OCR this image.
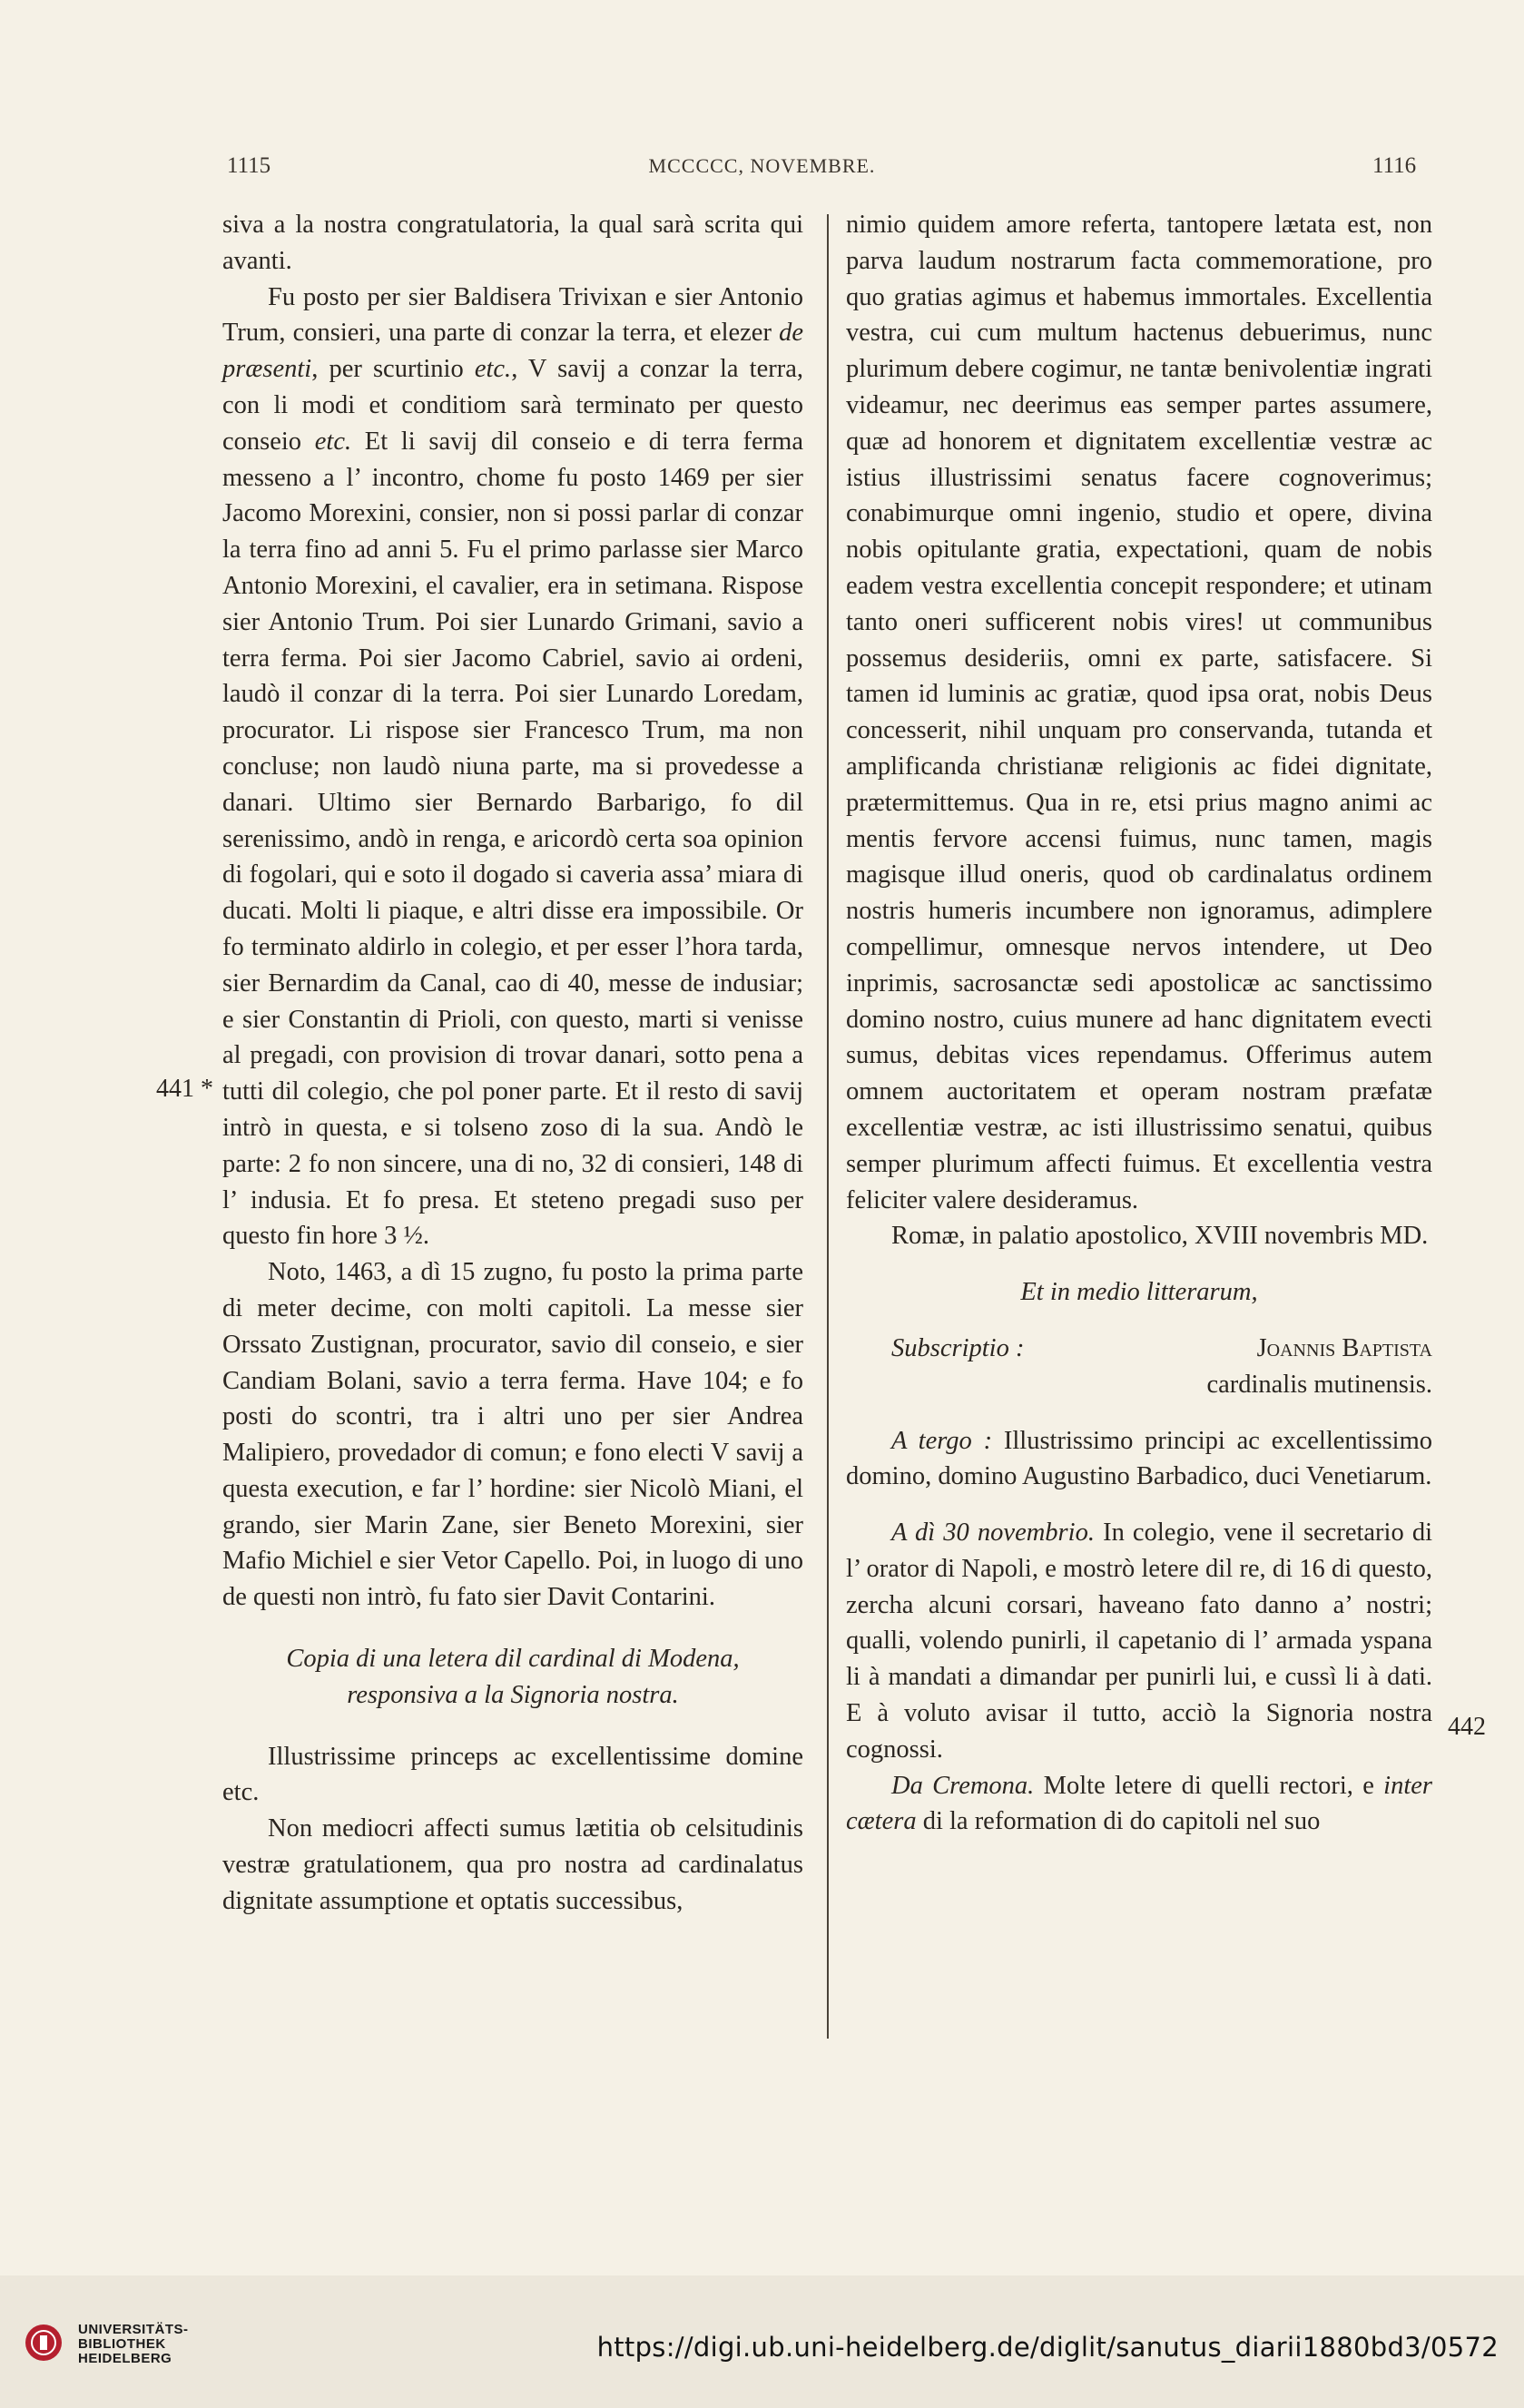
1115	MCCCCC, NOVEMBRE.	1116
441 *
442

siva a la nostra congratulatoria, la qual sarà scrita qui avanti.

Fu posto per sier Baldisera Trivixan e sier Antonio Trum, consieri, una parte di conzar la terra, et elezer de præsenti, per scurtinio etc., V savij a conzar la terra, con li modi et conditiom sarà terminato per questo conseio etc. Et li savij dil conseio e di terra ferma messeno a l’ incontro, chome fu posto 1469 per sier Jacomo Morexini, consier, non si possi parlar di conzar la terra fino ad anni 5. Fu el primo parlasse sier Marco Antonio Morexini, el cavalier, era in setimana. Rispose sier Antonio Trum. Poi sier Lunardo Grimani, savio a terra ferma. Poi sier Jacomo Cabriel, savio ai ordeni, laudò il conzar di la terra. Poi sier Lunardo Loredam, procurator. Li rispose sier Francesco Trum, ma non concluse; non laudò niuna parte, ma si provedesse a danari. Ultimo sier Bernardo Barbarigo, fo dil serenissimo, andò in renga, e aricordò certa soa opinion di fogolari, qui e soto il dogado si caveria assa’ miara di ducati. Molti li piaque, e altri disse era impossibile. Or fo terminato aldirlo in colegio, et per esser l’hora tarda, sier Bernardim da Canal, cao di 40, messe de indusiar; e sier Constantin di Prioli, con questo, marti si venisse al pregadi, con provision di trovar danari, sotto pena a tutti dil colegio, che pol poner parte. Et il resto di savij intrò in questa, e si tolseno zoso di la sua. Andò le parte: 2 fo non sincere, una di no, 32 di consieri, 148 di l’ indusia. Et fo presa. Et steteno pregadi suso per questo fin hore 3 ½.

Noto, 1463, a dì 15 zugno, fu posto la prima parte di meter decime, con molti capitoli. La messe sier Orssato Zustignan, procurator, savio dil conseio, e sier Candiam Bolani, savio a terra ferma. Have 104; e fo posti do scontri, tra i altri uno per sier Andrea Malipiero, provedador di comun; e fono electi V savij a questa execution, e far l’ hordine: sier Nicolò Miani, el grando, sier Marin Zane, sier Beneto Morexini, sier Mafio Michiel e sier Vetor Capello. Poi, in luogo di uno de questi non intrò, fu fato sier Davit Contarini.

Copia di una letera dil cardinal di Modena,
responsiva a la Signoria nostra.

Illustrissime princeps ac excellentissime domine etc.

Non mediocri affecti sumus lætitia ob celsitudinis vestræ gratulationem, qua pro nostra ad cardinalatus dignitate assumptione et optatis successibus,

nimio quidem amore referta, tantopere lætata est, non parva laudum nostrarum facta commemoratione, pro quo gratias agimus et habemus immortales. Excellentia vestra, cui cum multum hactenus debuerimus, nunc plurimum debere cogimur, ne tantæ benivolentiæ ingrati videamur, nec deerimus eas semper partes assumere, quæ ad honorem et dignitatem excellentiæ vestræ ac istius illustrissimi senatus facere cognoverimus; conabimurque omni ingenio, studio et opere, divina nobis opitulante gratia, expectationi, quam de nobis eadem vestra excellentia concepit respondere; et utinam tanto oneri sufficerent nobis vires! ut communibus possemus desideriis, omni ex parte, satisfacere. Si tamen id luminis ac gratiæ, quod ipsa orat, nobis Deus concesserit, nihil unquam pro conservanda, tutanda et amplificanda christianæ religionis ac fidei dignitate, prætermittemus. Qua in re, etsi prius magno animi ac mentis fervore accensi fuimus, nunc tamen, magis magisque illud oneris, quod ob cardinalatus ordinem nostris humeris incumbere non ignoramus, adimplere compellimur, omnesque nervos intendere, ut Deo inprimis, sacrosanctæ sedi apostolicæ ac sanctissimo domino nostro, cuius munere ad hanc dignitatem evecti sumus, debitas vices rependamus. Offerimus autem omnem auctoritatem et operam nostram præfatæ excellentiæ vestræ, ac isti illustrissimo senatui, quibus semper plurimum affecti fuimus. Et excellentia vestra feliciter valere desideramus.

Romæ, in palatio apostolico, XVIII novembris MD.

Et in medio litterarum,

Subscriptio :	Joannis Baptista

cardinalis mutinensis.

A tergo : Illustrissimo principi ac excellentissimo domino, domino Augustino Barbadico, duci Venetiarum.

A dì 30 novembrio. In colegio, vene il secretario di l’ orator di Napoli, e mostrò letere dil re, di 16 di questo, zercha alcuni corsari, haveano fato danno a’ nostri; qualli, volendo punirli, il capetanio di l’ armada yspana li à mandati a dimandar per punirli lui, e cussì li à dati. E à voluto avisar il tutto, acciò la Signoria nostra cognossi.

Da Cremona. Molte letere di quelli rectori, e inter cætera di la reformation di do capitoli nel suo

UNIVERSITÄTS-
BIBLIOTHEK
HEIDELBERG	https://digi.ub.uni-heidelberg.de/diglit/sanutus_diarii1880bd3/0572
